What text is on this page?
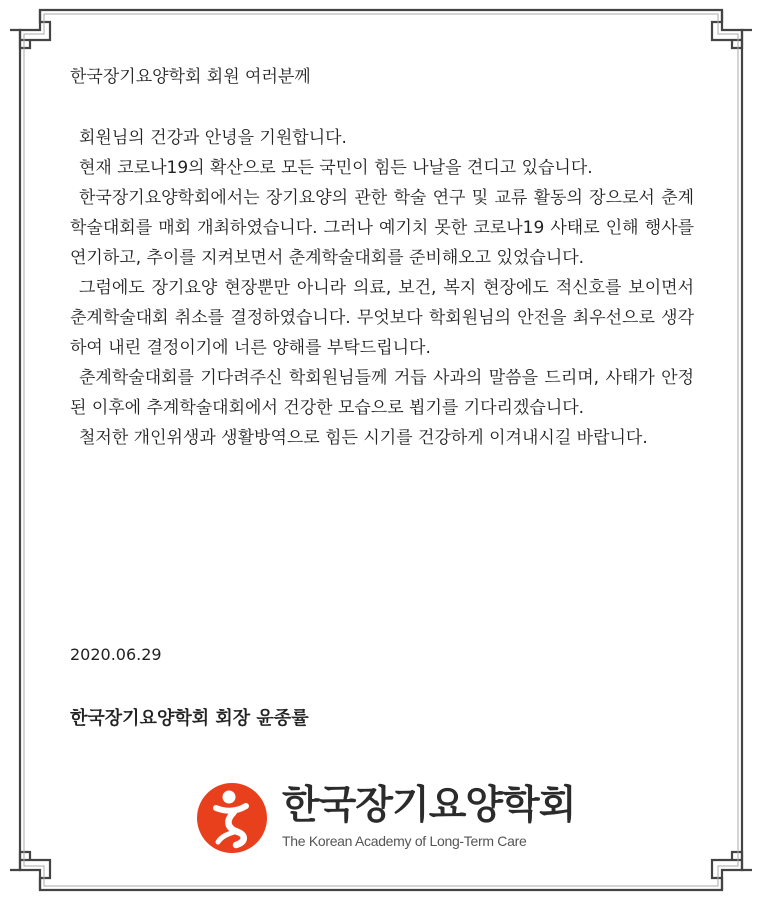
한국장기요양학회 회원 여러분께

회원님의 건강과 안녕을 기원합니다.

현재 코로나19의 확산으로 모든 국민이 힘든 나날을 견디고 있습니다.

한국장기요양학회에서는 장기요양의 관한 학술 연구 및 교류 활동의 장으로서 춘계학술대회를 매회 개최하였습니다. 그러나 예기치 못한 코로나19 사태로 인해 행사를 연기하고, 추이를 지켜보면서 춘계학술대회를 준비해오고 있었습니다.

그럼에도 장기요양 현장뿐만 아니라 의료, 보건, 복지 현장에도 적신호를 보이면서 춘계학술대회 취소를 결정하였습니다. 무엇보다 학회원님의 안전을 최우선으로 생각하여 내린 결정이기에 너른 양해를 부탁드립니다.

춘계학술대회를 기다려주신 학회원님들께 거듭 사과의 말씀을 드리며, 사태가 안정된 이후에 추계학술대회에서 건강한 모습으로 뵙기를 기다리겠습니다.

철저한 개인위생과 생활방역으로 힘든 시기를 건강하게 이겨내시길 바랍니다.

2020.06.29
한국장기요양학회 회장 윤종률
한국장기요양학회
The Korean Academy of Long-Term Care
